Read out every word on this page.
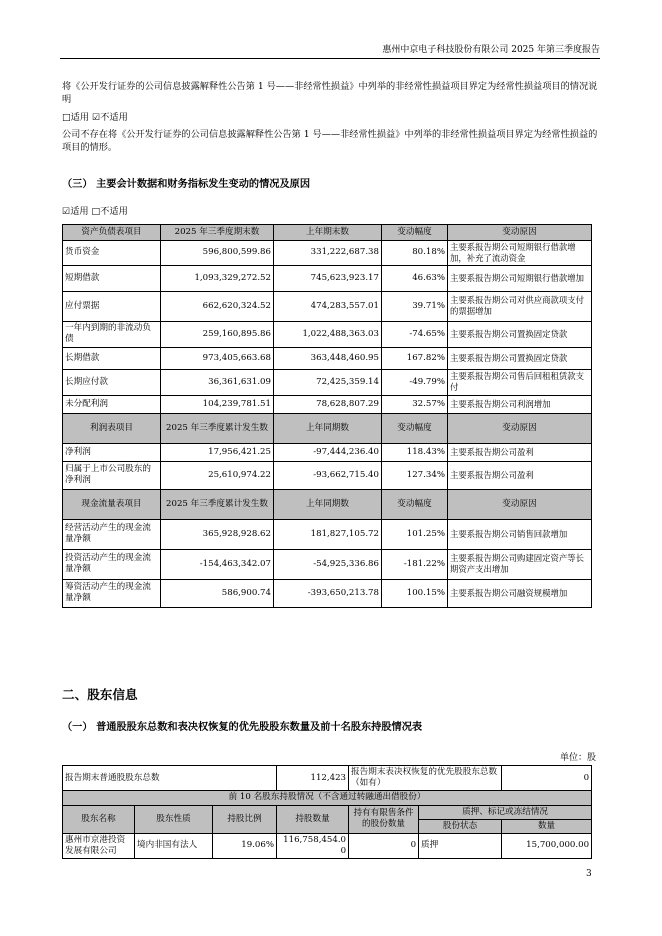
惠州中京电子科技股份有限公司 2025 年第三季度报告
将《公开发行证券的公司信息披露解释性公告第 1 号——非经常性损益》中列举的非经常性损益项目界定为经常性损益项目的情况说明
□适用 ☑不适用
公司不存在将《公开发行证券的公司信息披露解释性公告第 1 号——非经常性损益》中列举的非经常性损益项目界定为经常性损益的项目的情形。
（三） 主要会计数据和财务指标发生变动的情况及原因
☑适用 □不适用
资产负债表项目	2025 年三季度期末数	上年期末数	变动幅度	变动原因
货币资金	596,800,599.86	331,222,687.38	80.18%	主要系报告期公司短期银行借款增加，补充了流动资金
短期借款	1,093,329,272.52	745,623,923.17	46.63%	主要系报告期公司短期银行借款增加
应付票据	662,620,324.52	474,283,557.01	39.71%	主要系报告期公司对供应商款项支付的票据增加
一年内到期的非流动负债	259,160,895.86	1,022,488,363.03	-74.65%	主要系报告期公司置换固定贷款
长期借款	973,405,663.68	363,448,460.95	167.82%	主要系报告期公司置换固定贷款
长期应付款	36,361,631.09	72,425,359.14	-49.79%	主要系报告期公司售后回租租赁款支付
未分配利润	104,239,781.51	78,628,807.29	32.57%	主要系报告期公司利润增加
利润表项目	2025 年三季度累计发生数	上年同期数	变动幅度	变动原因
净利润	17,956,421.25	-97,444,236.40	118.43%	主要系报告期公司盈利
归属于上市公司股东的净利润	25,610,974.22	-93,662,715.40	127.34%	主要系报告期公司盈利
现金流量表项目	2025 年三季度累计发生数	上年同期数	变动幅度	变动原因
经营活动产生的现金流量净额	365,928,928.62	181,827,105.72	101.25%	主要系报告期公司销售回款增加
投资活动产生的现金流量净额	-154,463,342.07	-54,925,336.86	-181.22%	主要系报告期公司购建固定资产等长期资产支出增加
筹资活动产生的现金流量净额	586,900.74	-393,650,213.78	100.15%	主要系报告期公司融资规模增加
二、股东信息
（一） 普通股股东总数和表决权恢复的优先股股东数量及前十名股东持股情况表
单位：股
报告期末普通股股东总数			112,423	报告期末表决权恢复的优先股股东总数（如有）		0
前 10 名股东持股情况（不含通过转融通出借股份）						
股东名称	股东性质	持股比例	持股数量	持有有限售条件的股份数量	质押、标记或冻结情况	
					股份状态	数量
惠州市京港投资发展有限公司	境内非国有法人	19.06%	116,758,454.00	0	质押	15,700,000.00
3
